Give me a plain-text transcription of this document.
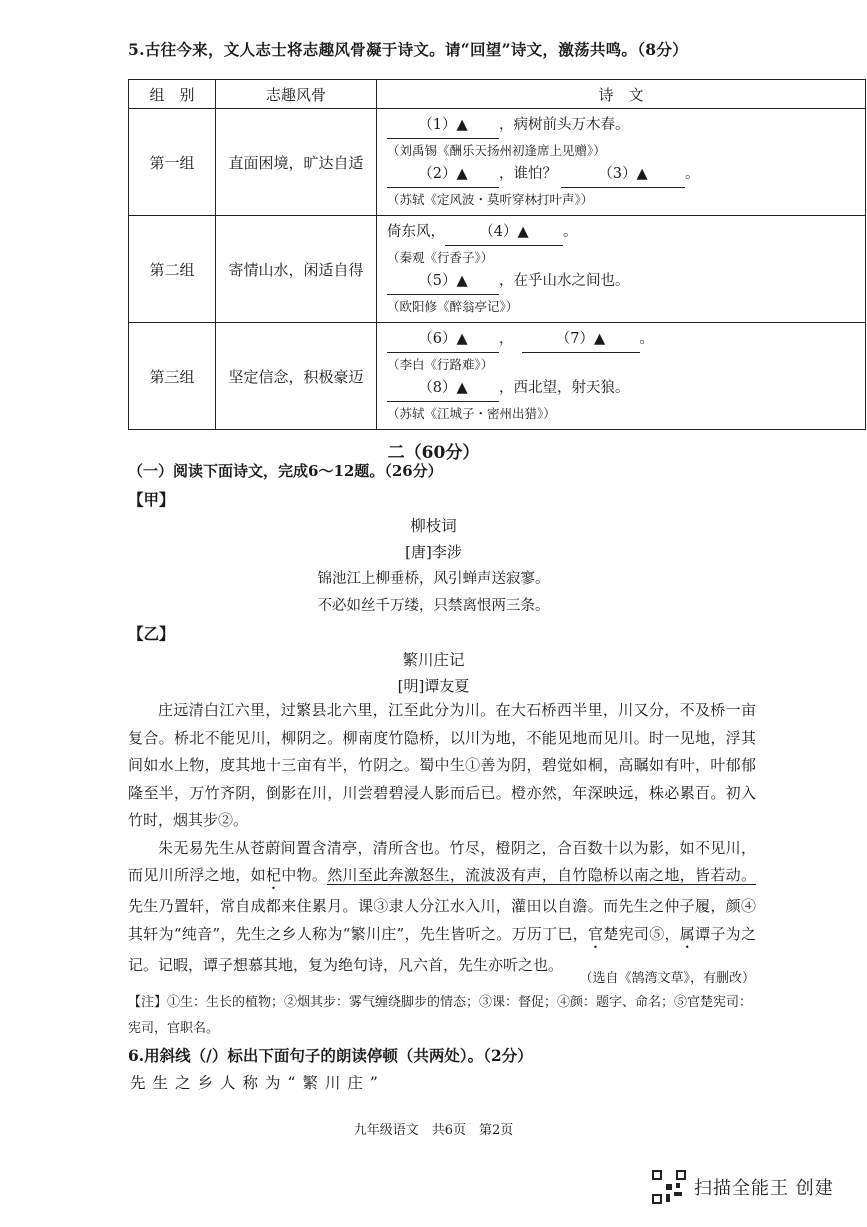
5.古往今来，文人志士将志趣风骨凝于诗文。请“回望”诗文，激荡共鸣。（8分）
组　别	志趣风骨	诗　文
第一组	直面困境，旷达自适	（1）▲ ，病树前头万木春。
（刘禹锡《酬乐天扬州初逢席上见赠》）
（2）▲ ，谁怕？ （3）▲ 。
（苏轼《定风波・莫听穿林打叶声》）

第二组	寄情山水，闲适自得	倚东风， （4）▲ 。
（秦观《行香子》）
（5）▲ ，在乎山水之间也。
（欧阳修《醉翁亭记》）

第三组	坚定信念，积极豪迈	（6）▲ ， （7）▲ 。
（李白《行路难》）
（8）▲ ，西北望，射天狼。
（苏轼《江城子・密州出猎》）
二（60分）
（一）阅读下面诗文，完成6～12题。（26分）
【甲】
柳枝词
[唐]李涉
锦池江上柳垂桥，风引蝉声送寂寥。
不必如丝千万缕，只禁离恨两三条。
【乙】
繁川庄记
[明]谭友夏

庄远清白江六里，过繁县北六里，江至此分为川。在大石桥西半里，川又分，不及桥一亩复合。桥北不能见川，柳阴之。柳南度竹隐桥，以川为地，不能见地而见川。时一见地，浮其间如水上物，度其地十三亩有半，竹阴之。蜀中生①善为阴，碧觉如桐，高瞩如有叶，叶郁郁隆至半，万竹齐阴，倒影在川，川尝碧碧浸人影而后已。橙亦然，年深映远，株必累百。初入竹时，烟其步②。

朱无易先生从苍蔚间置含清亭，清所含也。竹尽，橙阴之，合百数十以为影，如不见川，而见川所浮之地，如杞中物。然川至此奔激怒生，流波汲有声，自竹隐桥以南之地，皆若动。先生乃置轩，常自成都来住累月。课③隶人分江水入川，灌田以自澹。而先生之仲子履，颜④其轩为“纯音”，先生之乡人称为“繁川庄”，先生皆听之。万历丁巳，官楚宪司⑤，属谭子为之记。记暇，谭子想慕其地，复为绝句诗，凡六首，先生亦听之也。

（选自《鹄湾文草》，有删改）
【注】①生：生长的植物；②烟其步：雾气缠绕脚步的情态；③课：督促；④颜：题字、命名；⑤官楚宪司：宪司，官职名。
6.用斜线（/）标出下面句子的朗读停顿（共两处）。（2分）
先生之乡人称为“繁川庄”
九年级语文　共6页　第2页
扫描全能王 创建
